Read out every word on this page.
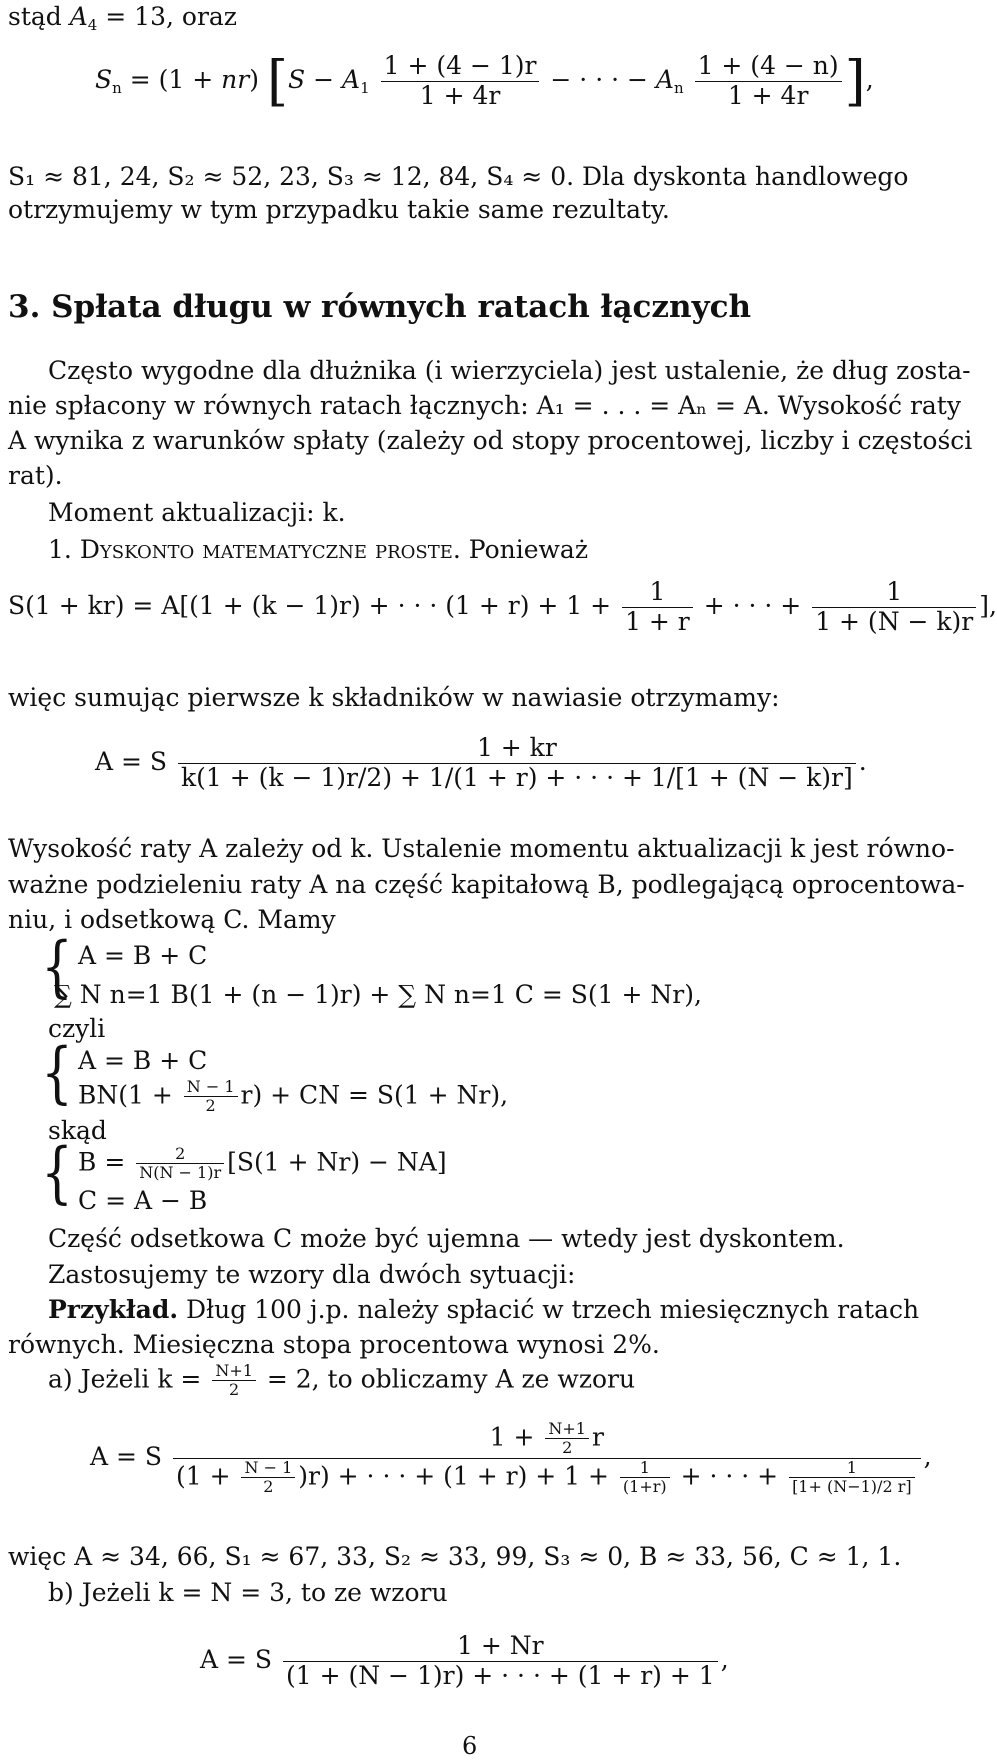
stąd $A_4 = 13$, oraz
$S_n = (1 + nr) [S - A_1 \frac{1 + (4 - 1)r}{1 + 4r}$ − · · · − $A_n \frac{1 + (4 - n)}{1 + 4r}$ ],
S₁ ≈ 81, 24, S₂ ≈ 52, 23, S₃ ≈ 12, 84, S₄ ≈ 0. Dla dyskonta handlowego
otrzymujemy w tym przypadku takie same rezultaty.
3. Spłata długu w równych ratach łącznych
Często wygodne dla dłużnika (i wierzyciela) jest ustalenie, że dług zosta-
nie spłacony w równych ratach łącznych: A₁ = . . . = Aₙ = A. Wysokość raty
A wynika z warunków spłaty (zależy od stopy procentowej, liczby i częstości
rat).
Moment aktualizacji: k.
1. Dyskonto matematyczne proste. Ponieważ
S(1 + kr) = A[(1 + (k − 1)r) + · · · $(1 + r) + 1 + \frac{1}{1 + r}$ + · · · + $\frac{1}{1 + (N - k)r}$ ],
więc sumując pierwsze k składników w nawiasie otrzymamy:
A = S $\frac{1 + kr}{k(1 + (k - 1)r/2) + 1/(1 + r) + \cdot \cdot \cdot + 1/[1 + (N - k)r]}$ .
Wysokość raty A zależy od k. Ustalenie momentu aktualizacji k jest równo-
ważne podzieleniu raty A na część kapitałową B, podlegającą oprocentowa-
niu, i odsetkową C. Mamy
{ A = B + C
∑ N n=1 B(1 + (n − 1)r) + ∑ N n=1 C = S(1 + Nr),
czyli
{ A = B + C
$BN(1 + \frac{N - 1}{2} r)$ + CN = S(1 + Nr),
skąd
{ $B = \frac{2}{N(N - 1)r} [S(1 + Nr) - NA]$
C = A − B
Część odsetkowa C może być ujemna — wtedy jest dyskontem.
Zastosujemy te wzory dla dwóch sytuacji:
Przykład. Dług 100 j.p. należy spłacić w trzech miesięcznych ratach
równych. Miesięczna stopa procentowa wynosi 2%.
a) Jeżeli $k = \frac{N+1}{2} = 2$, to obliczamy A ze wzoru
A = S
$1 + \frac{N+1}{2}$ r
$(1 + \frac{N - 1}{2} )r$) + · · · + $(1 + r) + 1 + \frac{1}{(1+r)}$ + · · · + $\frac{1}{[1+ (N-1)/2 r]}$
,
więc A ≈ 34, 66, S₁ ≈ 67, 33, S₂ ≈ 33, 99, S₃ ≈ 0, B ≈ 33, 56, C ≈ 1, 1.
b) Jeżeli k = N = 3, to ze wzoru
A = S $\frac{1 + Nr}{(1 + (N - 1)r) + \cdot \cdot \cdot + (1 + r) + 1}$ ,
6
